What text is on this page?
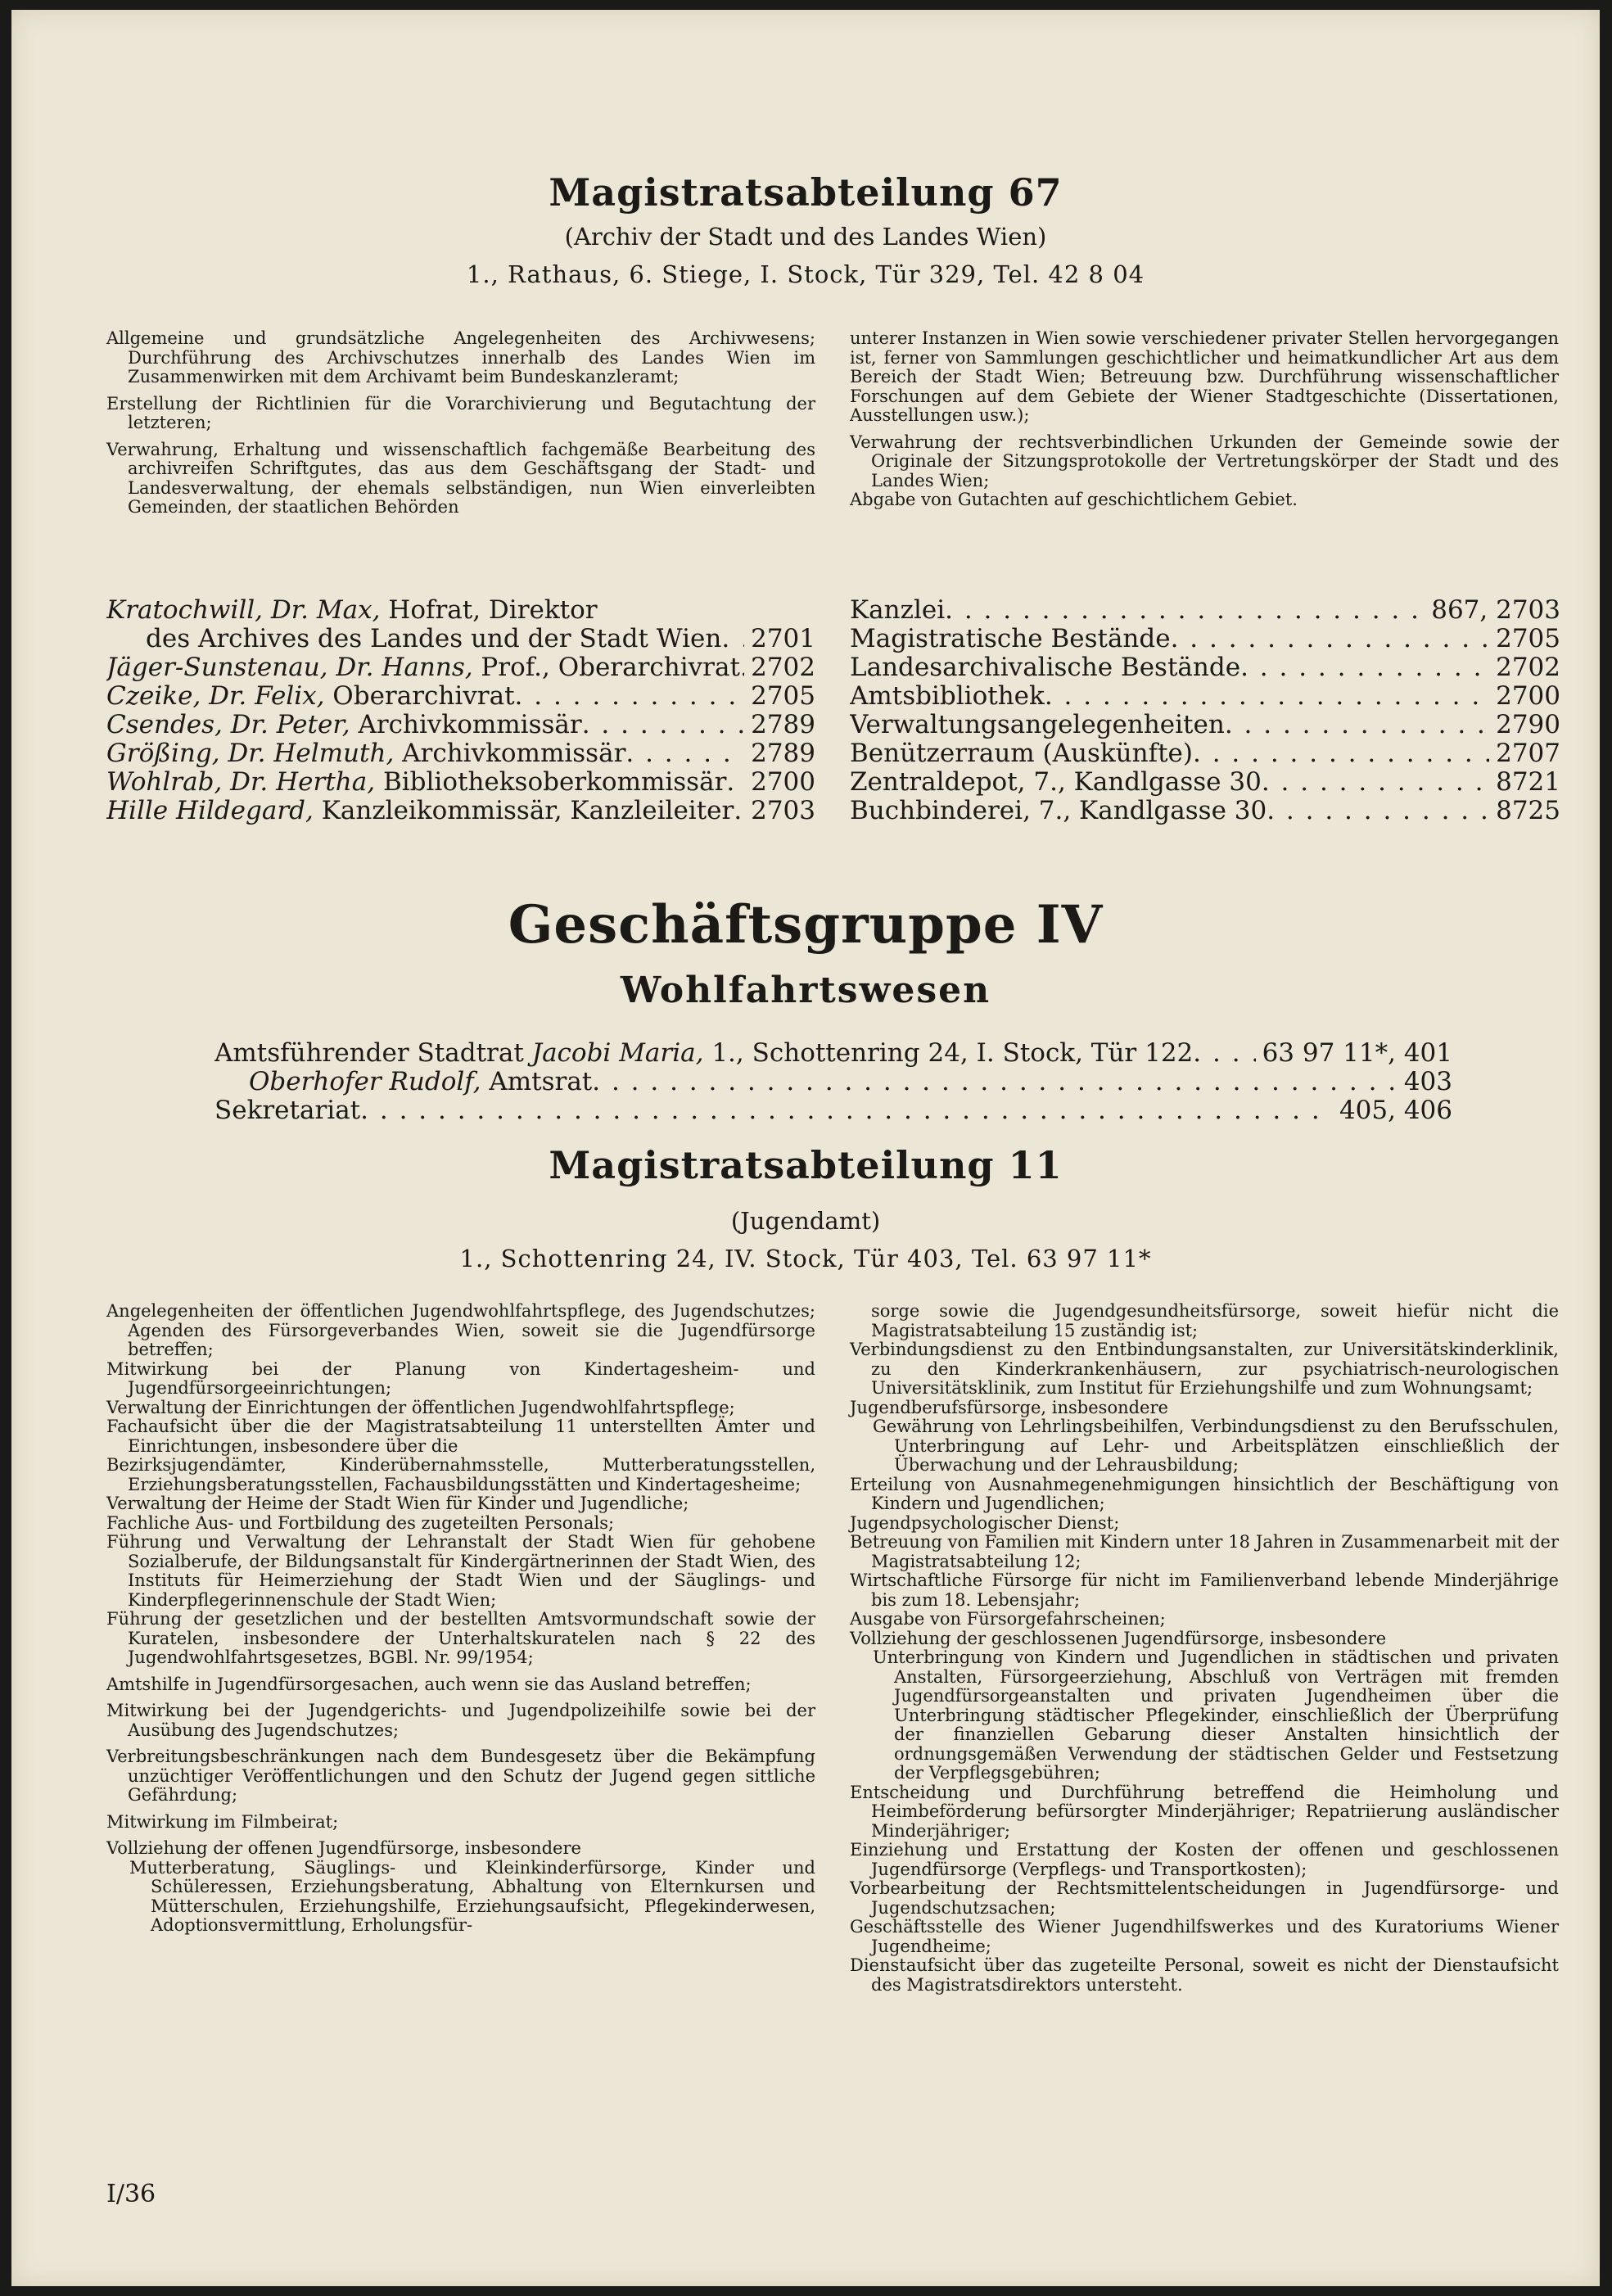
Magistratsabteilung 67
(Archiv der Stadt und des Landes Wien)
1., Rathaus, 6. Stiege, I. Stock, Tür 329, Tel. 42 8 04

Allgemeine und grundsätzliche Angelegenheiten des Archivwesens; Durchführung des Archivschutzes innerhalb des Landes Wien im Zusammenwirken mit dem Archivamt beim Bundeskanzleramt;

Erstellung der Richtlinien für die Vorarchivierung und Begutachtung der letzteren;

Verwahrung, Erhaltung und wissenschaftlich fachgemäße Bearbeitung des archivreifen Schriftgutes, das aus dem Geschäftsgang der Stadt- und Landesverwaltung, der ehemals selbständigen, nun Wien einverleibten Gemeinden, der staatlichen Behörden

unterer Instanzen in Wien sowie verschiedener privater Stellen hervorgegangen ist, ferner von Sammlungen geschichtlicher und heimatkundlicher Art aus dem Bereich der Stadt Wien; Betreuung bzw. Durchführung wissenschaftlicher Forschungen auf dem Gebiete der Wiener Stadtgeschichte (Dissertationen, Ausstellungen usw.);

Verwahrung der rechtsverbindlichen Urkunden der Gemeinde sowie der Originale der Sitzungsprotokolle der Vertretungskörper der Stadt und des Landes Wien;

Abgabe von Gutachten auf geschichtlichem Gebiet.

Kratochwill, Dr. Max, Hofrat, Direktor
des Archives des Landes und der Stadt Wien . . . 2701
Jäger-Sunstenau, Dr. Hanns, Prof., Oberarchivrat . . . 2702
Czeike, Dr. Felix, Oberarchivrat . . .	2705
Csendes, Dr. Peter, Archivkommissär . . .	2789
Größing, Dr. Helmuth, Archivkommissär . . .	2789
Wohlrab, Dr. Hertha, Bibliotheksoberkommissär . . . 2700
Hille Hildegard, Kanzleikommissär, Kanzleileiter . . . 2703
Kanzlei . . .	867, 2703
Magistratische Bestände . . .	2705
Landesarchivalische Bestände . . .	2702
Amtsbibliothek . . .	2700
Verwaltungsangelegenheiten . . .	2790
Benützerraum (Auskünfte) . . .	2707
Zentraldepot, 7., Kandlgasse 30 . . .	8721
Buchbinderei, 7., Kandlgasse 30 . . .	8725
Geschäftsgruppe IV
Wohlfahrtswesen
Amtsführender Stadtrat Jacobi Maria, 1., Schottenring 24, I. Stock, Tür 122 . . .	63 97 11*, 401
Oberhofer Rudolf, Amtsrat . . .	403
Sekretariat . . .	405, 406
Magistratsabteilung 11
(Jugendamt)
1., Schottenring 24, IV. Stock, Tür 403, Tel. 63 97 11*

Angelegenheiten der öffentlichen Jugendwohlfahrtspflege, des Jugendschutzes; Agenden des Fürsorgeverbandes Wien, soweit sie die Jugendfürsorge betreffen;

Mitwirkung bei der Planung von Kindertagesheim- und Jugendfürsorgeeinrichtungen;

Verwaltung der Einrichtungen der öffentlichen Jugendwohlfahrtspflege;

Fachaufsicht über die der Magistratsabteilung 11 unterstellten Ämter und Einrichtungen, insbesondere über die

Bezirksjugendämter, Kinderübernahmsstelle, Mutterberatungsstellen, Erziehungsberatungsstellen, Fachausbildungsstätten und Kindertagesheime;

Verwaltung der Heime der Stadt Wien für Kinder und Jugendliche;

Fachliche Aus- und Fortbildung des zugeteilten Personals;

Führung und Verwaltung der Lehranstalt der Stadt Wien für gehobene Sozialberufe, der Bildungsanstalt für Kindergärtnerinnen der Stadt Wien, des Instituts für Heimerziehung der Stadt Wien und der Säuglings- und Kinderpflegerinnenschule der Stadt Wien;

Führung der gesetzlichen und der bestellten Amtsvormundschaft sowie der Kuratelen, insbesondere der Unterhaltskuratelen nach § 22 des Jugendwohlfahrtsgesetzes, BGBl. Nr. 99/1954;

Amtshilfe in Jugendfürsorgesachen, auch wenn sie das Ausland betreffen;

Mitwirkung bei der Jugendgerichts- und Jugendpolizeihilfe sowie bei der Ausübung des Jugendschutzes;

Verbreitungsbeschränkungen nach dem Bundesgesetz über die Bekämpfung unzüchtiger Veröffentlichungen und den Schutz der Jugend gegen sittliche Gefährdung;

Mitwirkung im Filmbeirat;

Vollziehung der offenen Jugendfürsorge, insbesondere

Mutterberatung, Säuglings- und Kleinkinderfürsorge, Kinder und Schüleressen, Erziehungsberatung, Abhaltung von Elternkursen und Mütterschulen, Erziehungshilfe, Erziehungsaufsicht, Pflegekinderwesen, Adoptionsvermittlung, Erholungsfür-

sorge sowie die Jugendgesundheitsfürsorge, soweit hiefür nicht die Magistratsabteilung 15 zuständig ist;

Verbindungsdienst zu den Entbindungsanstalten, zur Universitätskinderklinik, zu den Kinderkrankenhäusern, zur psychiatrisch-neurologischen Universitätsklinik, zum Institut für Erziehungshilfe und zum Wohnungsamt;

Jugendberufsfürsorge, insbesondere

Gewährung von Lehrlingsbeihilfen, Verbindungsdienst zu den Berufsschulen, Unterbringung auf Lehr- und Arbeitsplätzen einschließlich der Überwachung und der Lehrausbildung;

Erteilung von Ausnahmegenehmigungen hinsichtlich der Beschäftigung von Kindern und Jugendlichen;

Jugendpsychologischer Dienst;

Betreuung von Familien mit Kindern unter 18 Jahren in Zusammenarbeit mit der Magistratsabteilung 12;

Wirtschaftliche Fürsorge für nicht im Familienverband lebende Minderjährige bis zum 18. Lebensjahr;

Ausgabe von Fürsorgefahrscheinen;

Vollziehung der geschlossenen Jugendfürsorge, insbesondere

Unterbringung von Kindern und Jugendlichen in städtischen und privaten Anstalten, Fürsorgeerziehung, Abschluß von Verträgen mit fremden Jugendfürsorgeanstalten und privaten Jugendheimen über die Unterbringung städtischer Pflegekinder, einschließlich der Überprüfung der finanziellen Gebarung dieser Anstalten hinsichtlich der ordnungsgemäßen Verwendung der städtischen Gelder und Festsetzung der Verpflegsgebühren;

Entscheidung und Durchführung betreffend die Heimholung und Heimbeförderung befürsorgter Minderjähriger; Repatriierung ausländischer Minderjähriger;

Einziehung und Erstattung der Kosten der offenen und geschlossenen Jugendfürsorge (Verpflegs- und Transportkosten);

Vorbearbeitung der Rechtsmittelentscheidungen in Jugendfürsorge- und Jugendschutzsachen;

Geschäftsstelle des Wiener Jugendhilfswerkes und des Kuratoriums Wiener Jugendheime;

Dienstaufsicht über das zugeteilte Personal, soweit es nicht der Dienstaufsicht des Magistratsdirektors untersteht.

I/36
